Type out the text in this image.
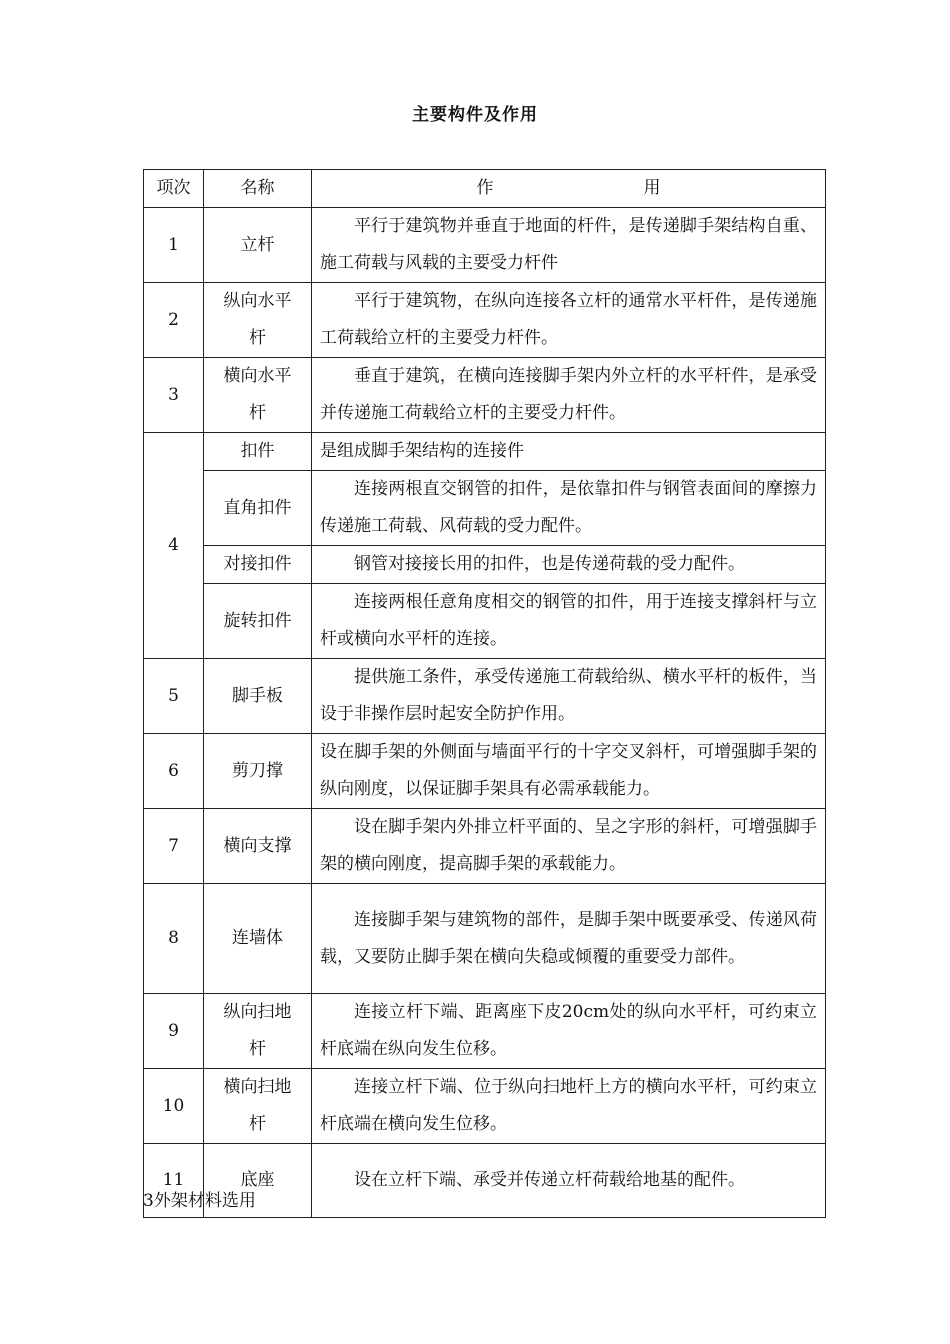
主要构件及作用
项次	名称	作 用
1	立杆	平行于建筑物并垂直于地面的杆件，是传递脚手架结构自重、施工荷载与风载的主要受力杆件
2	纵向水平杆	平行于建筑物，在纵向连接各立杆的通常水平杆件，是传递施工荷载给立杆的主要受力杆件。
3	横向水平杆	垂直于建筑，在横向连接脚手架内外立杆的水平杆件，是承受并传递施工荷载给立杆的主要受力杆件。
4	扣件	是组成脚手架结构的连接件
	直角扣件	连接两根直交钢管的扣件，是依靠扣件与钢管表面间的摩擦力传递施工荷载、风荷载的受力配件。
	对接扣件	钢管对接接长用的扣件，也是传递荷载的受力配件。
	旋转扣件	连接两根任意角度相交的钢管的扣件，用于连接支撑斜杆与立杆或横向水平杆的连接。
5	脚手板	提供施工条件，承受传递施工荷载给纵、横水平杆的板件，当设于非操作层时起安全防护作用。
6	剪刀撑	设在脚手架的外侧面与墙面平行的十字交叉斜杆，可增强脚手架的纵向刚度，以保证脚手架具有必需承载能力。
7	横向支撑	设在脚手架内外排立杆平面的、呈之字形的斜杆，可增强脚手架的横向刚度，提高脚手架的承载能力。
8	连墙体	连接脚手架与建筑物的部件，是脚手架中既要承受、传递风荷载，又要防止脚手架在横向失稳或倾覆的重要受力部件。
9	纵向扫地杆	连接立杆下端、距离座下皮20cm处的纵向水平杆，可约束立杆底端在纵向发生位移。
10	横向扫地杆	连接立杆下端、位于纵向扫地杆上方的横向水平杆，可约束立杆底端在横向发生位移。
11	底座	设在立杆下端、承受并传递立杆荷载给地基的配件。
3外架材料选用
